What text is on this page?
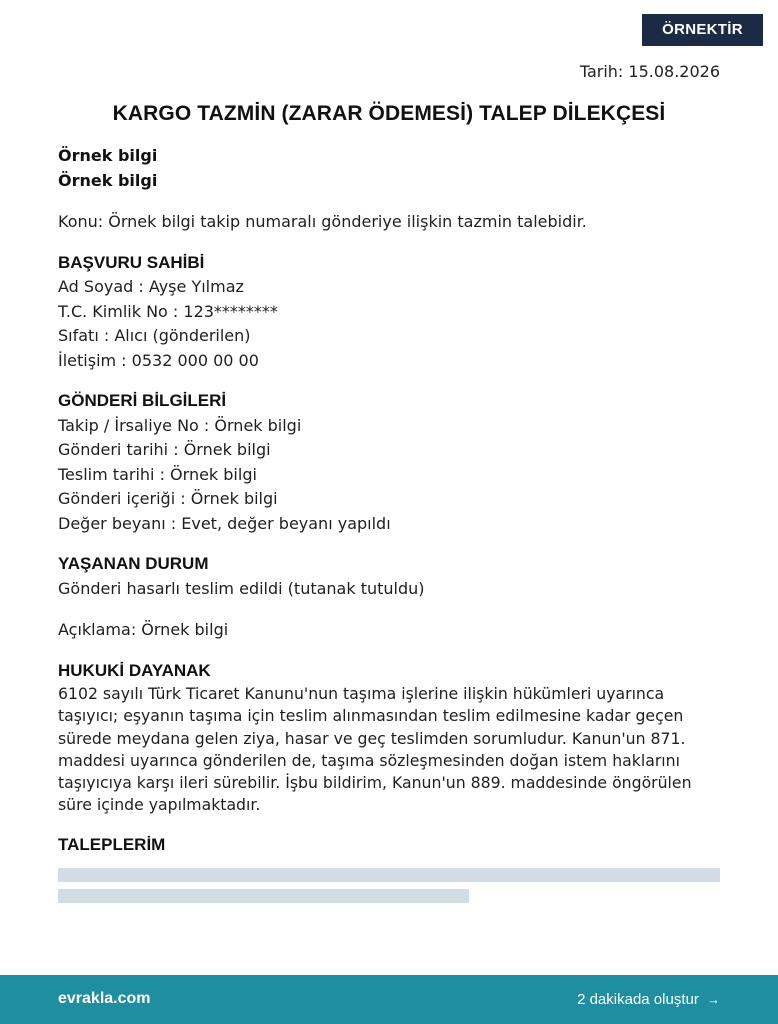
ÖRNEKTİR
Tarih: 15.08.2026
KARGO TAZMİN (ZARAR ÖDEMESİ) TALEP DİLEKÇESİ
Örnek bilgi
Örnek bilgi
Konu: Örnek bilgi takip numaralı gönderiye ilişkin tazmin talebidir.
BAŞVURU SAHİBİ
Ad Soyad : Ayşe Yılmaz
T.C. Kimlik No : 123********
Sıfatı : Alıcı (gönderilen)
İletişim : 0532 000 00 00
GÖNDERİ BİLGİLERİ
Takip / İrsaliye No : Örnek bilgi
Gönderi tarihi : Örnek bilgi
Teslim tarihi : Örnek bilgi
Gönderi içeriği : Örnek bilgi
Değer beyanı : Evet, değer beyanı yapıldı
YAŞANAN DURUM
Gönderi hasarlı teslim edildi (tutanak tutuldu)
Açıklama: Örnek bilgi
HUKUKİ DAYANAK
6102 sayılı Türk Ticaret Kanunu'nun taşıma işlerine ilişkin hükümleri uyarınca
taşıyıcı; eşyanın taşıma için teslim alınmasından teslim edilmesine kadar geçen
sürede meydana gelen ziya, hasar ve geç teslimden sorumludur. Kanun'un 871.
maddesi uyarınca gönderilen de, taşıma sözleşmesinden doğan istem haklarını
taşıyıcıya karşı ileri sürebilir. İşbu bildirim, Kanun'un 889. maddesinde öngörülen
süre içinde yapılmaktadır.
TALEPLERİM
evrakla.com	2 dakikada oluştur →
